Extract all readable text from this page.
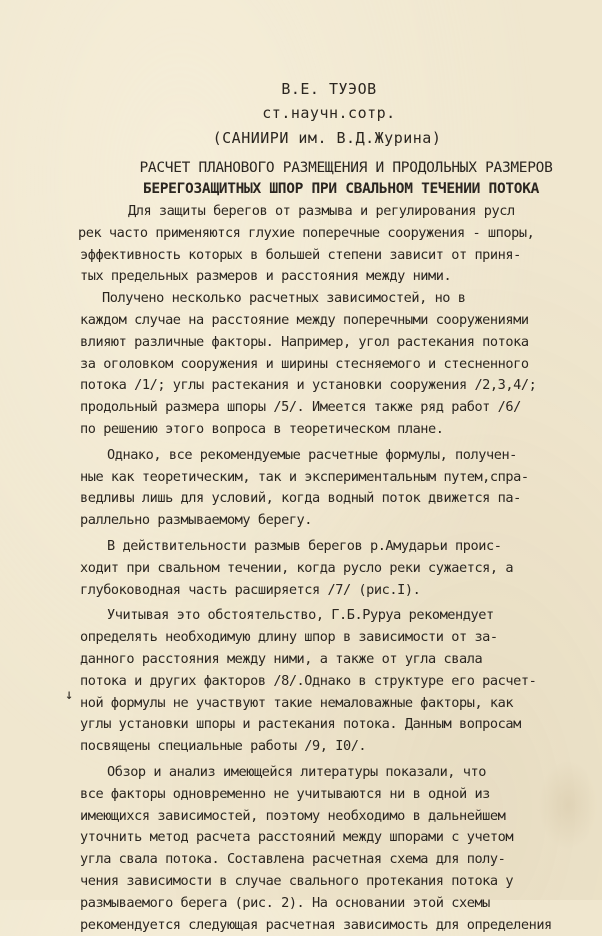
В.Е. ТУЭОВ
ст.научн.сотр.
(САНИИРИ им. В.Д.Журина)
РАСЧЕТ ПЛАНОВОГО РАЗМЕЩЕНИЯ И ПРОДОЛЬНЫХ РАЗМЕРОВ
БЕРЕГОЗАЩИТНЫХ ШПОР ПРИ СВАЛЬНОМ ТЕЧЕНИИ ПОТОКА
Для защиты берегов от размыва и регулирования русл
рек часто применяются глухие поперечные сооружения - шпоры,
эффективность которых в большей степени зависит от приня-
тых предельных размеров и расстояния между ними.
Получено несколько расчетных зависимостей, но в
каждом случае на расстояние между поперечными сооружениями
влияют различные факторы. Например, угол растекания потока
за оголовком сооружения и ширины стесняемого и стесненного
потока /1/; углы растекания и установки сооружения /2,3,4/;
продольный размера шпоры /5/. Имеется также ряд работ /6/
по решению этого вопроса в теоретическом плане.
Однако, все рекомендуемые расчетные формулы, получен-
ные как теоретическим, так и экспериментальным путем,спра-
ведливы лишь для условий, когда водный поток движется па-
раллельно размываемому берегу.
В действительности размыв берегов р.Амударьи проис-
ходит при свальном течении, когда русло реки сужается, а
глубоководная часть расширяется /7/ (рис.I).
Учитывая это обстоятельство, Г.Б.Руруа рекомендует
определять необходимую длину шпор в зависимости от за-
данного расстояния между ними, а также от угла свала
потока и других факторов /8/.Однако в структуре его расчет-
ной формулы не участвуют такие немаловажные факторы, как
углы установки шпоры и растекания потока. Данным вопросам
посвящены специальные работы /9, I0/.
Обзор и анализ имеющейся литературы показали, что
все факторы одновременно не учитываются ни в одной из
имеющихся зависимостей, поэтому необходимо в дальнейшем
уточнить метод расчета расстояний между шпорами с учетом
угла свала потока. Составлена расчетная схема для полу-
чения зависимости в случае свального протекания потока у
размываемого берега (рис. 2). На основании этой схемы
рекомендуется следующая расчетная зависимость для определения
↓
